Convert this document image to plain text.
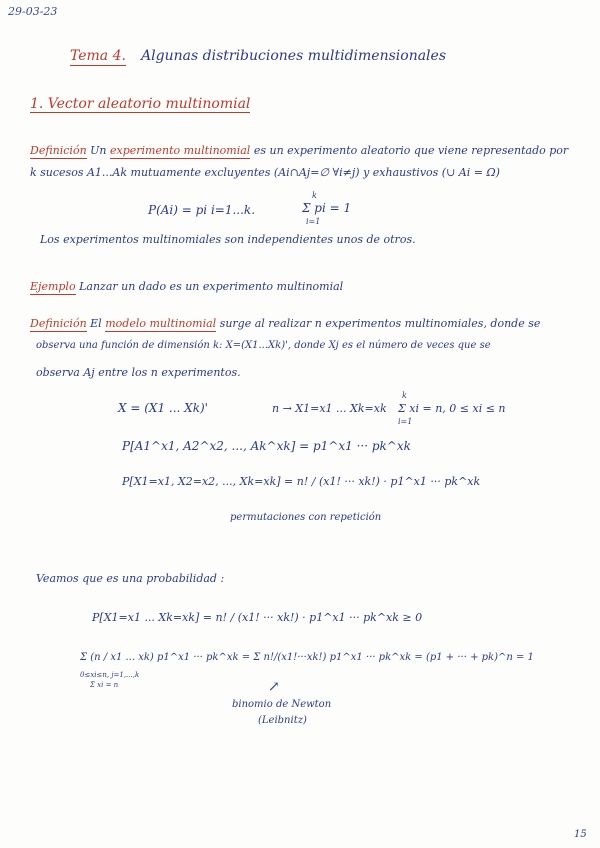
29-03-23
Tema 4. Algunas distribuciones multidimensionales
1. Vector aleatorio multinomial
Definición Un experimento multinomial es un experimento aleatorio que viene representado por
k sucesos A1...Ak mutuamente excluyentes (Ai∩Aj=∅ ∀i≠j) y exhaustivos (∪ Ai = Ω)
P(Ai) = pi i=1...k.	Σ pi = 1
k
i=1
Los experimentos multinomiales son independientes unos de otros.
Ejemplo Lanzar un dado es un experimento multinomial
Definición El modelo multinomial surge al realizar n experimentos multinomiales, donde se
observa una función de dimensión k: X=(X1...Xk)', donde Xj es el número de veces que se
observa Aj entre los n experimentos.
X = (X1 ... Xk)'	n → X1=x1 ... Xk=xk Σ xi = n, 0 ≤ xi ≤ n
k
i=1
P[A1^x1, A2^x2, ..., Ak^xk] = p1^x1 ··· pk^xk
P[X1=x1, X2=x2, ..., Xk=xk] = n! / (x1! ··· xk!) · p1^x1 ··· pk^xk
permutaciones con repetición
Veamos que es una probabilidad :
P[X1=x1 ... Xk=xk] = n! / (x1! ··· xk!) · p1^x1 ··· pk^xk ≥ 0
Σ (n / x1 ... xk) p1^x1 ··· pk^xk = Σ n!/(x1!···xk!) p1^x1 ··· pk^xk = (p1 + ··· + pk)^n = 1
0≤xi≤n, j=1,...,k
Σ xi = n	↗
binomio de Newton
(Leibnitz)
15
